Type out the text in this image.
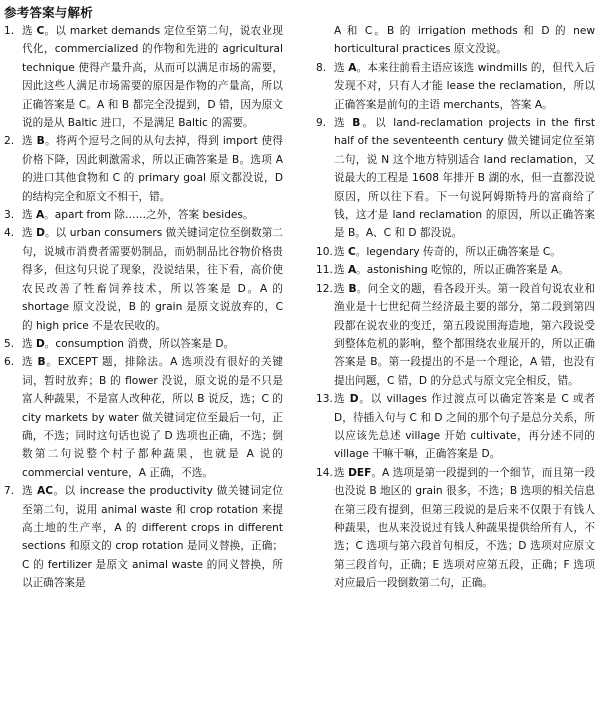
参考答案与解析
1. 选 C。以 market demands 定位至第二句，说农业现代化，commercialized 的作物和先进的 agricultural technique 使得产量升高，从而可以满足市场的需要，因此这些人满足市场需要的原因是作物的产量高，所以正确答案是 C。A 和 B 都完全没提到，D 错，因为原文说的是从 Baltic 进口，不是满足 Baltic 的需要。
2. 选 B。将两个逗号之间的从句去掉，得到 import 使得价格下降，因此刺激需求，所以正确答案是 B。选项 A 的进口其他食物和 C 的 primary goal 原文都没说，D 的结构完全和原文不相干，错。
3. 选 A。apart from 除……之外，答案 besides。
4. 选 D。以 urban consumers 做关键词定位至倒数第二句，说城市消费者需要奶制品，而奶制品比谷物价格贵得多，但这句只说了现象，没说结果，往下看，高价使农民改善了牲畜饲养技术，所以答案是 D。A 的 shortage 原文没说，B 的 grain 是原文说放弃的，C 的 high price 不是农民收的。
5. 选 D。consumption 消费，所以答案是 D。
6. 选 B。EXCEPT 题，排除法。A 选项没有很好的关键词，暂时放弃；B 的 flower 没说，原文说的是不只是富人种蔬果，不是富人改种花，所以 B 说反，选；C 的 city markets by water 做关键词定位至最后一句，正确，不选；同时这句话也说了 D 选项也正确，不选；倒数第二句说整个村子都种蔬果，也就是 A 说的 commercial venture，A 正确，不选。
7. 选 AC。以 increase the productivity 做关键词定位至第二句，说用 animal waste 和 crop rotation 来提高土地的生产率，A 的 different crops in different sections 和原文的 crop rotation 是同义替换，正确；C 的 fertilizer 是原文 animal waste 的同义替换，所以正确答案是
A 和 C。B 的 irrigation methods 和 D 的 new horticultural practices 原文没说。
8. 选 A。本来往前看主语应该选 windmills 的，但代入后发现不对，只有人才能 lease the reclamation，所以正确答案是前句的主语 merchants，答案 A。
9. 选 B。以 land-reclamation projects in the first half of the seventeenth century 做关键词定位至第二句，说 N 这个地方特别适合 land reclamation，又说最大的工程是 1608 年排开 B 湖的水，但一直都没说原因，所以往下看。下一句说阿姆斯特丹的富商给了钱，这才是 land reclamation 的原因，所以正确答案是 B。A、C 和 D 都没说。
10. 选 C。legendary 传奇的，所以正确答案是 C。
11. 选 A。astonishing 吃惊的，所以正确答案是 A。
12. 选 B。问全文的题，看各段开头。第一段首句说农业和渔业是十七世纪荷兰经济最主要的部分，第二段到第四段都在说农业的变迁，第五段说围海造地，第六段说受到整体危机的影响，整个都围绕农业展开的，所以正确答案是 B。第一段提出的不是一个理论，A 错，也没有提出问题，C 错，D 的分总式与原文完全相反，错。
13. 选 D。以 villages 作过渡点可以确定答案是 C 或者 D，待插入句与 C 和 D 之间的那个句子是总分关系，所以应该先总述 village 开始 cultivate，再分述不同的 village 干嘛干嘛，正确答案是 D。
14. 选 DEF。A 选项是第一段提到的一个细节，而且第一段也没说 B 地区的 grain 很多，不选；B 选项的相关信息在第三段有提到，但第三段说的是后来不仅限于有钱人种蔬果，也从来没说过有钱人种蔬果提供给所有人，不选；C 选项与第六段首句相反，不选；D 选项对应原文第三段首句，正确；E 选项对应第五段，正确；F 选项对应最后一段倒数第二句，正确。
